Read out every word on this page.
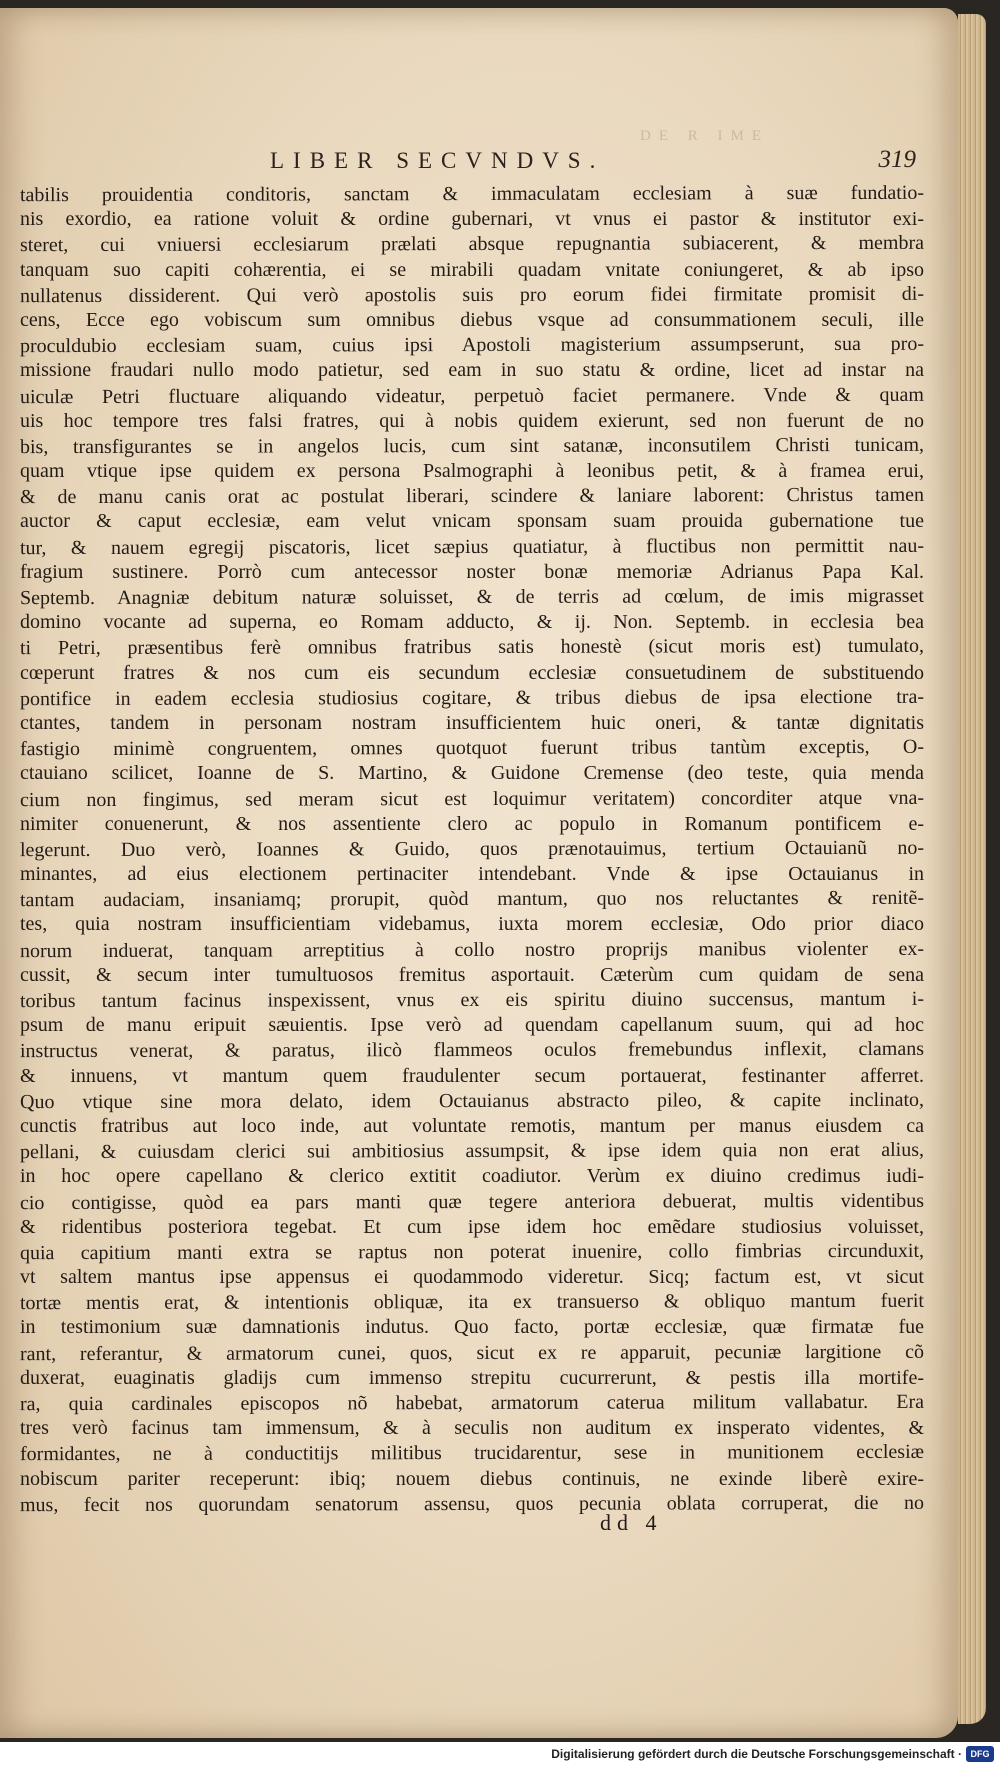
DE R IME
LIBER SECVNDVS.	319
tabilis prouidentia conditoris, sanctam & immaculatam ecclesiam à suæ fundatio-
nis exordio, ea ratione voluit & ordine gubernari, vt vnus ei pastor & institutor exi-
steret, cui vniuersi ecclesiarum prælati absque repugnantia subiacerent, & membra
tanquam suo capiti cohærentia, ei se mirabili quadam vnitate coniungeret, & ab ipso
nullatenus dissiderent. Qui verò apostolis suis pro eorum fidei firmitate promisit di-
cens, Ecce ego vobiscum sum omnibus diebus vsque ad consummationem seculi, ille
proculdubio ecclesiam suam, cuius ipsi Apostoli magisterium assumpserunt, sua pro-
missione fraudari nullo modo patietur, sed eam in suo statu & ordine, licet ad instar na
uiculæ Petri fluctuare aliquando videatur, perpetuò faciet permanere. Vnde & quam
uis hoc tempore tres falsi fratres, qui à nobis quidem exierunt, sed non fuerunt de no
bis, transfigurantes se in angelos lucis, cum sint satanæ, inconsutilem Christi tunicam,
quam vtique ipse quidem ex persona Psalmographi à leonibus petit, & à framea erui,
& de manu canis orat ac postulat liberari, scindere & laniare laborent: Christus tamen
auctor & caput ecclesiæ, eam velut vnicam sponsam suam prouida gubernatione tue
tur, & nauem egregij piscatoris, licet sæpius quatiatur, à fluctibus non permittit nau-
fragium sustinere. Porrò cum antecessor noster bonæ memoriæ Adrianus Papa Kal.
Septemb. Anagniæ debitum naturæ soluisset, & de terris ad cœlum, de imis migrasset
domino vocante ad superna, eo Romam adducto, & ij. Non. Septemb. in ecclesia bea
ti Petri, præsentibus ferè omnibus fratribus satis honestè (sicut moris est) tumulato,
cœperunt fratres & nos cum eis secundum ecclesiæ consuetudinem de substituendo
pontifice in eadem ecclesia studiosius cogitare, & tribus diebus de ipsa electione tra-
ctantes, tandem in personam nostram insufficientem huic oneri, & tantæ dignitatis
fastigio minimè congruentem, omnes quotquot fuerunt tribus tantùm exceptis, O-
ctauiano scilicet, Ioanne de S. Martino, & Guidone Cremense (deo teste, quia menda
cium non fingimus, sed meram sicut est loquimur veritatem) concorditer atque vna-
nimiter conuenerunt, & nos assentiente clero ac populo in Romanum pontificem e-
legerunt. Duo verò, Ioannes & Guido, quos prænotauimus, tertium Octauianũ no-
minantes, ad eius electionem pertinaciter intendebant. Vnde & ipse Octauianus in
tantam audaciam, insaniamq; prorupit, quòd mantum, quo nos reluctantes & renitẽ-
tes, quia nostram insufficientiam videbamus, iuxta morem ecclesiæ, Odo prior diaco
norum induerat, tanquam arreptitius à collo nostro proprijs manibus violenter ex-
cussit, & secum inter tumultuosos fremitus asportauit. Cæterùm cum quidam de sena
toribus tantum facinus inspexissent, vnus ex eis spiritu diuino succensus, mantum i-
psum de manu eripuit sæuientis. Ipse verò ad quendam capellanum suum, qui ad hoc
instructus venerat, & paratus, ilicò flammeos oculos fremebundus inflexit, clamans
& innuens, vt mantum quem fraudulenter secum portauerat, festinanter afferret.
Quo vtique sine mora delato, idem Octauianus abstracto pileo, & capite inclinato,
cunctis fratribus aut loco inde, aut voluntate remotis, mantum per manus eiusdem ca
pellani, & cuiusdam clerici sui ambitiosius assumpsit, & ipse idem quia non erat alius,
in hoc opere capellano & clerico extitit coadiutor. Verùm ex diuino credimus iudi-
cio contigisse, quòd ea pars manti quæ tegere anteriora debuerat, multis videntibus
& ridentibus posteriora tegebat. Et cum ipse idem hoc emẽdare studiosius voluisset,
quia capitium manti extra se raptus non poterat inuenire, collo fimbrias circunduxit,
vt saltem mantus ipse appensus ei quodammodo videretur. Sicq; factum est, vt sicut
tortæ mentis erat, & intentionis obliquæ, ita ex transuerso & obliquo mantum fuerit
in testimonium suæ damnationis indutus. Quo facto, portæ ecclesiæ, quæ firmatæ fue
rant, referantur, & armatorum cunei, quos, sicut ex re apparuit, pecuniæ largitione cõ
duxerat, euaginatis gladijs cum immenso strepitu cucurrerunt, & pestis illa mortife-
ra, quia cardinales episcopos nõ habebat, armatorum caterua militum vallabatur. Era
tres verò facinus tam immensum, & à seculis non auditum ex insperato videntes, &
formidantes, ne à conductitijs militibus trucidarentur, sese in munitionem ecclesiæ
nobiscum pariter receperunt: ibiq; nouem diebus continuis, ne exinde liberè exire-
mus, fecit nos quorundam senatorum assensu, quos pecunia oblata corruperat, die no
dd 4
Digitalisierung gefördert durch die Deutsche Forschungsgemeinschaft · DFG
